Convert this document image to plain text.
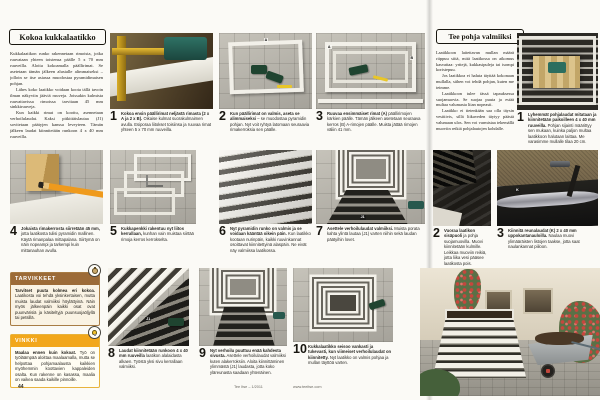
Kokoa kukkalaatikko

Kukkalaatikon runko rakennetaan rimoista, jotka ruuvataan yhteen toistensa päälle 5 x 70 mm ruuveilla. Aloita kokoamalla päällirimat. Se asetetaan tämän jälkeen alustalle alimmaiseksi – jolloin se itse asiassa muodostaa pyramidimaisen pohjan.

Lähes koko laatikko voidaan koota tällä tavoin ilman näkyviin jääviä ruuveja. Joissakin kulmista ruuvattavissa rimoissa tarvitaan 45 mm sinkkiruuveja.

Kun kaikki rimat on koottu, asennetaan verhoilulaudat. Kaksi pitkittäislautaa (J1) sovitetaan päätyjen kanssa leveyteen. Tämän jälkeen laudat kiinnitetään runkoon 4 x 40 mm ruuveilla.

1 Kokoa ensin päällirimat neljästä rimasta (2 x A ja 2 x B). Oikaise kulmat suorakulmaimen avulla. Esiporaa liitokset toisiinsa ja ruuvaa rimat yhteen 5 x 70 mm ruuveilla.
A
2 Kun päällirimat on valmis, aseta se alimmaiseksi – se muodostaa pyramidin pohjan. Nyt voit ryhtyä latomaan seuraavia rimakerroksia sen päälle.
A
B
3 Ruuvaa ensimmäiset rimat (A) päällirimojen kärkien päälle. Tämän jälkeen asetetaan seuraava kerros (B) A-rimojen päälle. Muista jättää rimojen väliin 41 mm.
4 Jokaista rimakerrosta siirretään 45 mm, jotta laatikosta tulisi pyramidin mallinen. Käytä rimanpalaa mittapalana. Siirtymä on näin nopeampi ja tarkempi kuin mittanauhan avulla.
5 Kukkapenkki rakentuu nyt liitos kerrallaan, kunhan vain muistaa siirtää rimoja kerros kerrokselta.
6 Nyt pyramidin runko on valmis ja se voidaan kääntää oikein päin. Kun laatikko kootaan nurinpäin, kaikki ruuvinkannat osoittavat kiinnitettyinä alaspäin. Ne eivät näy valmiissa laatikossa.
J1
7 Asettele verhoilulaudat valmiiksi. Muista porata kahta ylintä lautaa (J1) varten niihin sekä laudan päätyihin lovet.
TARVIKKEET
Tarvitset puuta kolmea eri kokoa. Laatikosta voi tehdä yksinkertaisen, mutta muista laudat valmiiksi höylättyinä. Näin myös jälkeenpäin kaikki osat ovat puunvärisiä ja käsiteltyjä puunsuojaöljyllä tai petsillä.
VINKKI
Maalaa ennen kuin kokoat. Työ on työläämpää aloittaa maalaamalla, mutta se helpottaa pohjamaalausta kaikkien myöhemmin koottavien kappaleiden osalta. Kun rakenne on kasassa, maalia on vaikea saada kaikille pinnoille.
J1
8 Laudat kiinnitetään runkoon 4 x 40 mm ruuveilla laatikon alalaidasta alkaen. Työstä yksi sivu kerrallaan valmiiksi.
9 Nyt verhoilu puuttuu enää kahdesta sivusta. Asettele verhoilulaudat valmiiksi kuten alakerroksiin. Aloita kiinnittäminen ylimmästä (J1) laudasta, jotta koko yläreunasta saadaan yhtenäinen.
10 Kukkalaatikko seisoo vankasti ja tukevasti, kun viimeiset verhoilulaudat on kiinnitetty. Nyt laatikko on valmis pohjaa ja mullan täyttöä varten.
44	Tee Itse – 1/2011	www.teeitse.com
Tee pohja valmiiksi

Laatikkoon laitettavan mullan määrä riippuu siitä, mitä laatikossa on aikomus kasvattaa: yrttejä, kukkasipuleja tai isompi koristepuu.

Jos laatikkoa ei haluta täyttää kokonaan mullalla, siihen voi tehdä pohjan, kuten me teimme.

Laatikkoon tulee tässä tapauksessa suojamuovia. Se suojaa puuta ja estää multaa valumasta liian nopeasti.

Laatikko ei tietenkään saa olla täysin vesitiivis, sillä liikaveden täytyy päästä valumaan ulos. Sen voi varmistaa tekemällä muoviin reikiä pohjalautojen kohdalle.

1 Lyhemmät pohjalaudat mitataan ja kiinnitetään paikoilleen 4 x 40 mm ruuveilla. Pohjan sijainti määrittyy sen mukaan, kuinka paljon multaa laatikkoon halutaan laittaa. Me varasimme mullalle tilaa 20 cm.
2 Vuoraa laatikon sisäpuoli ja pohja suojamuovilla. Muovi kiinnitetään kulmille. Leikkaa muoviin reikiä, jotta liika vesi pääsee laatikosta pois.
K
3 Kiinnitä reunalaudat (K) 2 x 40 mm uppokantanauloilla. Naulaa muovi ylimääräisten listojen taakse, jotta saat naulankannat piiloon.
